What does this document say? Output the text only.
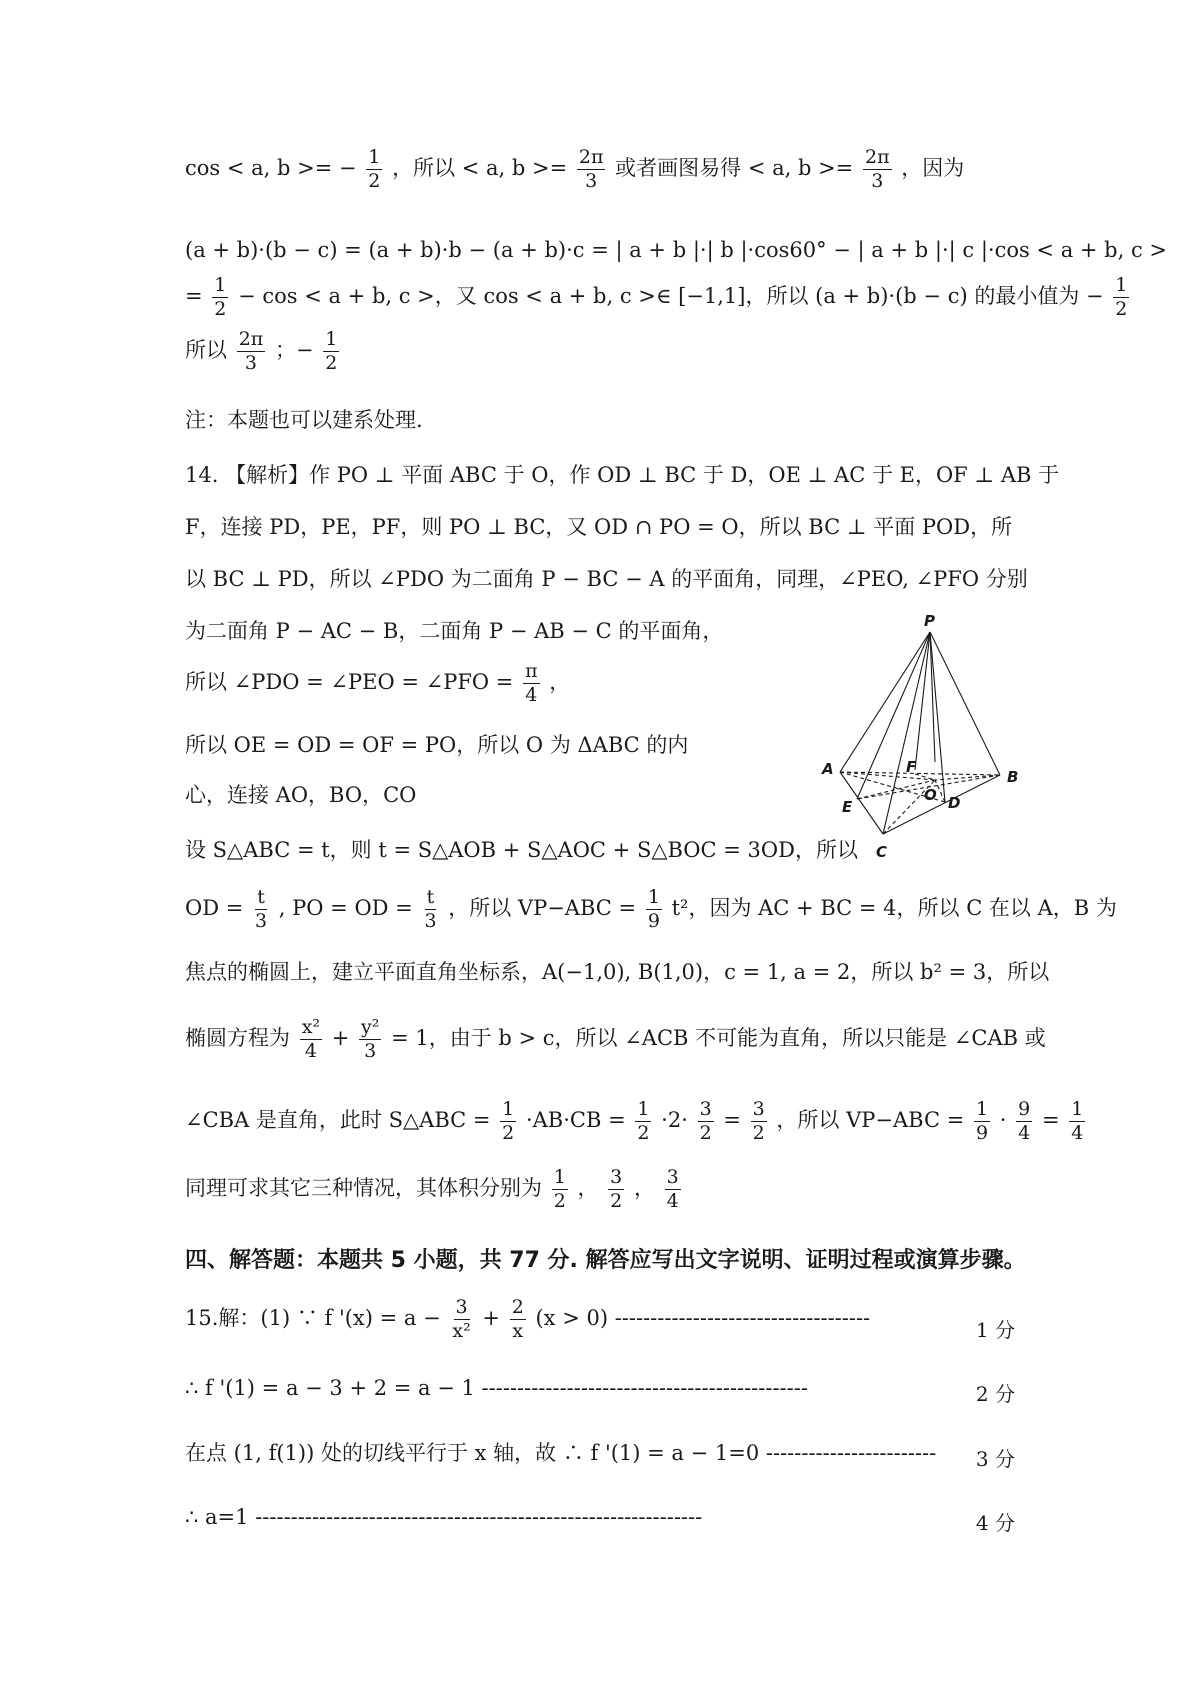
cos < a, b >= − $\frac{1}{2}$ ，所以 < a, $b >= \frac{2\pi}{3}$ 或者画图易得 < a, $b >= \frac{2\pi}{3}$ ，因为
(a + b)·(b − c) = (a + b)·b − (a + b)·c = | a + b |·| b |·cos60° − | a + b |·| c |·cos < a + b, c >
= $\frac{1}{2} - \cos < a + b$, c >，又 cos < a + b, c >∈ [−1,1]，所以 (a + b)·(b − c) 的最小值为 − $\frac{1}{2}$
所以 $\frac{2\pi}{3}$ ；− $\frac{1}{2}$
注：本题也可以建系处理.
14. 【解析】作 PO ⊥ 平面 ABC 于 O，作 OD ⊥ BC 于 D，OE ⊥ AC 于 E，OF ⊥ AB 于
F，连接 PD，PE，PF，则 PO ⊥ BC，又 OD ∩ PO = O，所以 BC ⊥ 平面 POD，所
以 BC ⊥ PD，所以 ∠PDO 为二面角 P − BC − A 的平面角，同理，∠PEO, ∠PFO 分别
为二面角 P − AC − B，二面角 P − AB − C 的平面角，
所以 ∠PDO = ∠PEO = ∠PFO = $\frac{\pi}{4}$ ，
所以 OE = OD = OF = PO，所以 O 为 ΔABC 的内
心，连接 AO，BO，CO
设 S△ABC = t，则 t = S△AOB + S△AOC + S△BOC = 3OD，所以
OD = $\frac{t}{3}$ , PO = OD = $\frac{t}{3}$ ，所以 $VP-ABC = \frac{1}{9} t^2$，因为 AC + BC = 4，所以 C 在以 A，B 为
焦点的椭圆上，建立平面直角坐标系，A(−1,0), B(1,0)，c = 1, a = 2，所以 b² = 3，所以
椭圆方程为 $\frac{\text{x²}}{4} + \frac{\text{y²}}{3} = 1$，由于 b > c，所以 ∠ACB 不可能为直角，所以只能是 ∠CAB 或
∠CBA 是直角，此时 S△ABC = $\frac{1}{2} \cdot AB\cdot CB = \frac{1}{2} \cdot 2\cdot \frac{3}{2} = \frac{3}{2}$ ，所以 $VP-ABC = \frac{1}{9} \cdot \frac{9}{4} = \frac{1}{4}$
同理可求其它三种情况，其体积分别为 $\frac{1}{2}$ ， $\frac{3}{2}$ ， $\frac{3}{4}$
四、解答题：本题共 5 小题，共 77 分. 解答应写出文字说明、证明过程或演算步骤。
15.解：(1) ∵ f '$(x) = a - \frac{3}{\text{x²}} + \frac{2}{x} (x > 0)$ ------------------------------------	1 分
∴ f '(1) = a − 3 + 2 = a − 1 ----------------------------------------------	2 分
在点 (1, f(1)) 处的切线平行于 x 轴，故 ∴ f '(1) = a − 1=0 ------------------------ 3 分
∴ a=1 ---------------------------------------------------------------	4 分
P
A	B
E
F
O D
C
